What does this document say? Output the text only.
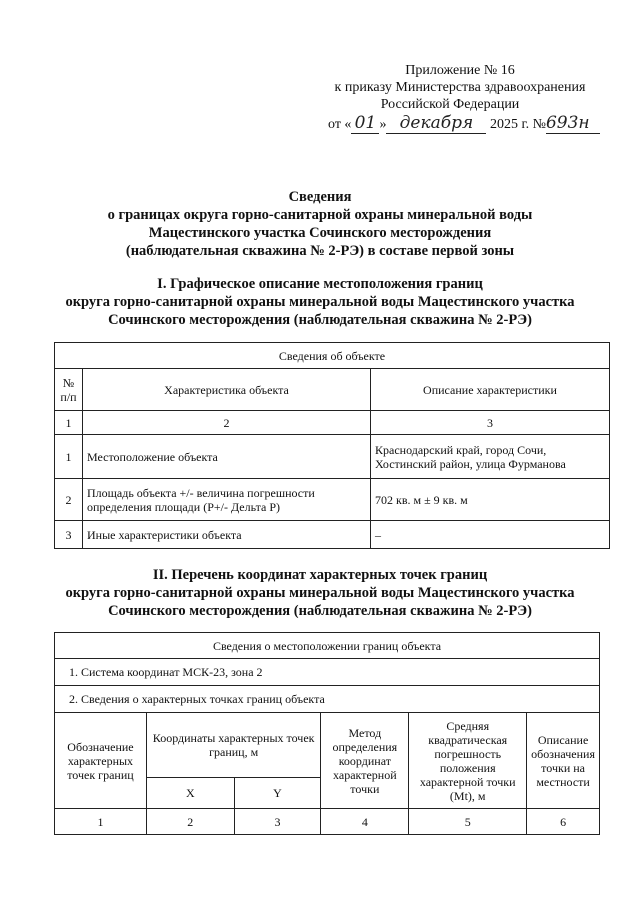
Приложение № 16
к приказу Министерства здравоохранения
Российской Федерации
от « 01 » декабря 2025 г. №693н
Сведения
о границах округа горно-санитарной охраны минеральной воды
Мацестинского участка Сочинского месторождения
(наблюдательная скважина № 2-РЭ) в составе первой зоны
I. Графическое описание местоположения границ
округа горно-санитарной охраны минеральной воды Мацестинского участка
Сочинского месторождения (наблюдательная скважина № 2-РЭ)
Сведения об объекте		
№ п/п	Характеристика объекта	Описание характеристики
1	2	3
1	Местоположение объекта	Краснодарский край, город Сочи, Хостинский район, улица Фурманова
2	Площадь объекта +/- величина погрешности определения площади (Р+/- Дельта Р)	702 кв. м ± 9 кв. м
3	Иные характеристики объекта	–
II. Перечень координат характерных точек границ
округа горно-санитарной охраны минеральной воды Мацестинского участка
Сочинского месторождения (наблюдательная скважина № 2-РЭ)
Сведения о местоположении границ объекта					
1. Система координат МСК-23, зона 2					
2. Сведения о характерных точках границ объекта					
Обозначение характерных точек границ	Координаты характерных точек границ, м		Метод определения координат характерной точки	Средняя квадратическая погрешность положения характерной точки (Mt), м	Описание обозначения точки на местности
	X	Y			
1	2	3	4	5	6
